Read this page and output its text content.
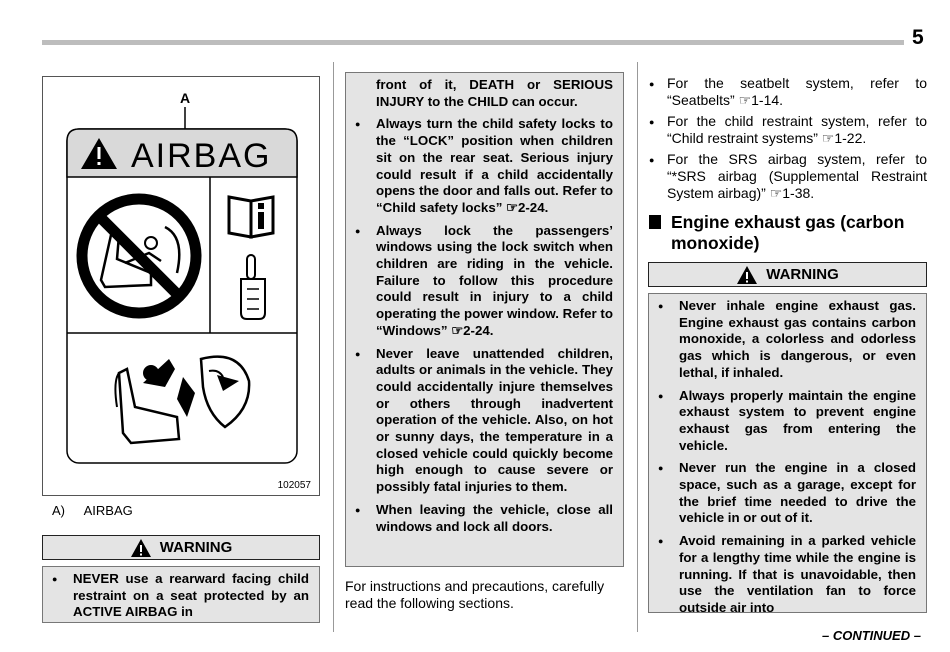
5
A
AIRBAG
102057
A) AIRBAG
WARNING
● NEVER use a rearward facing child restraint on a seat protected by an ACTIVE AIRBAG in
front of it, DEATH or SERIOUS INJURY to the CHILD can occur.
● Always turn the child safety locks to the “LOCK” position when children sit on the rear seat. Serious injury could result if a child accidentally opens the door and falls out. Refer to “Child safety locks” ☞2-24.
● Always lock the passengers’ windows using the lock switch when children are riding in the vehicle. Failure to follow this procedure could result in injury to a child operating the power window. Refer to “Windows” ☞2-24.
● Never leave unattended children, adults or animals in the vehicle. They could accidentally injure themselves or others through inadvertent operation of the vehicle. Also, on hot or sunny days, the temperature in a closed vehicle could quickly become high enough to cause severe or possibly fatal injuries to them.
● When leaving the vehicle, close all windows and lock all doors.
For instructions and precautions, carefully read the following sections.
● For the seatbelt system, refer to “Seatbelts” ☞1-14.
● For the child restraint system, refer to “Child restraint systems” ☞1-22.
● For the SRS airbag system, refer to “*SRS airbag (Supplemental Restraint System airbag)” ☞1-38.
Engine exhaust gas (carbon
monoxide)
WARNING
● Never inhale engine exhaust gas. Engine exhaust gas contains carbon monoxide, a colorless and odorless gas which is dangerous, or even lethal, if inhaled.
● Always properly maintain the engine exhaust system to prevent engine exhaust gas from entering the vehicle.
● Never run the engine in a closed space, such as a garage, except for the brief time needed to drive the vehicle in or out of it.
● Avoid remaining in a parked vehicle for a lengthy time while the engine is running. If that is unavoidable, then use the ventilation fan to force outside air into
– CONTINUED –
